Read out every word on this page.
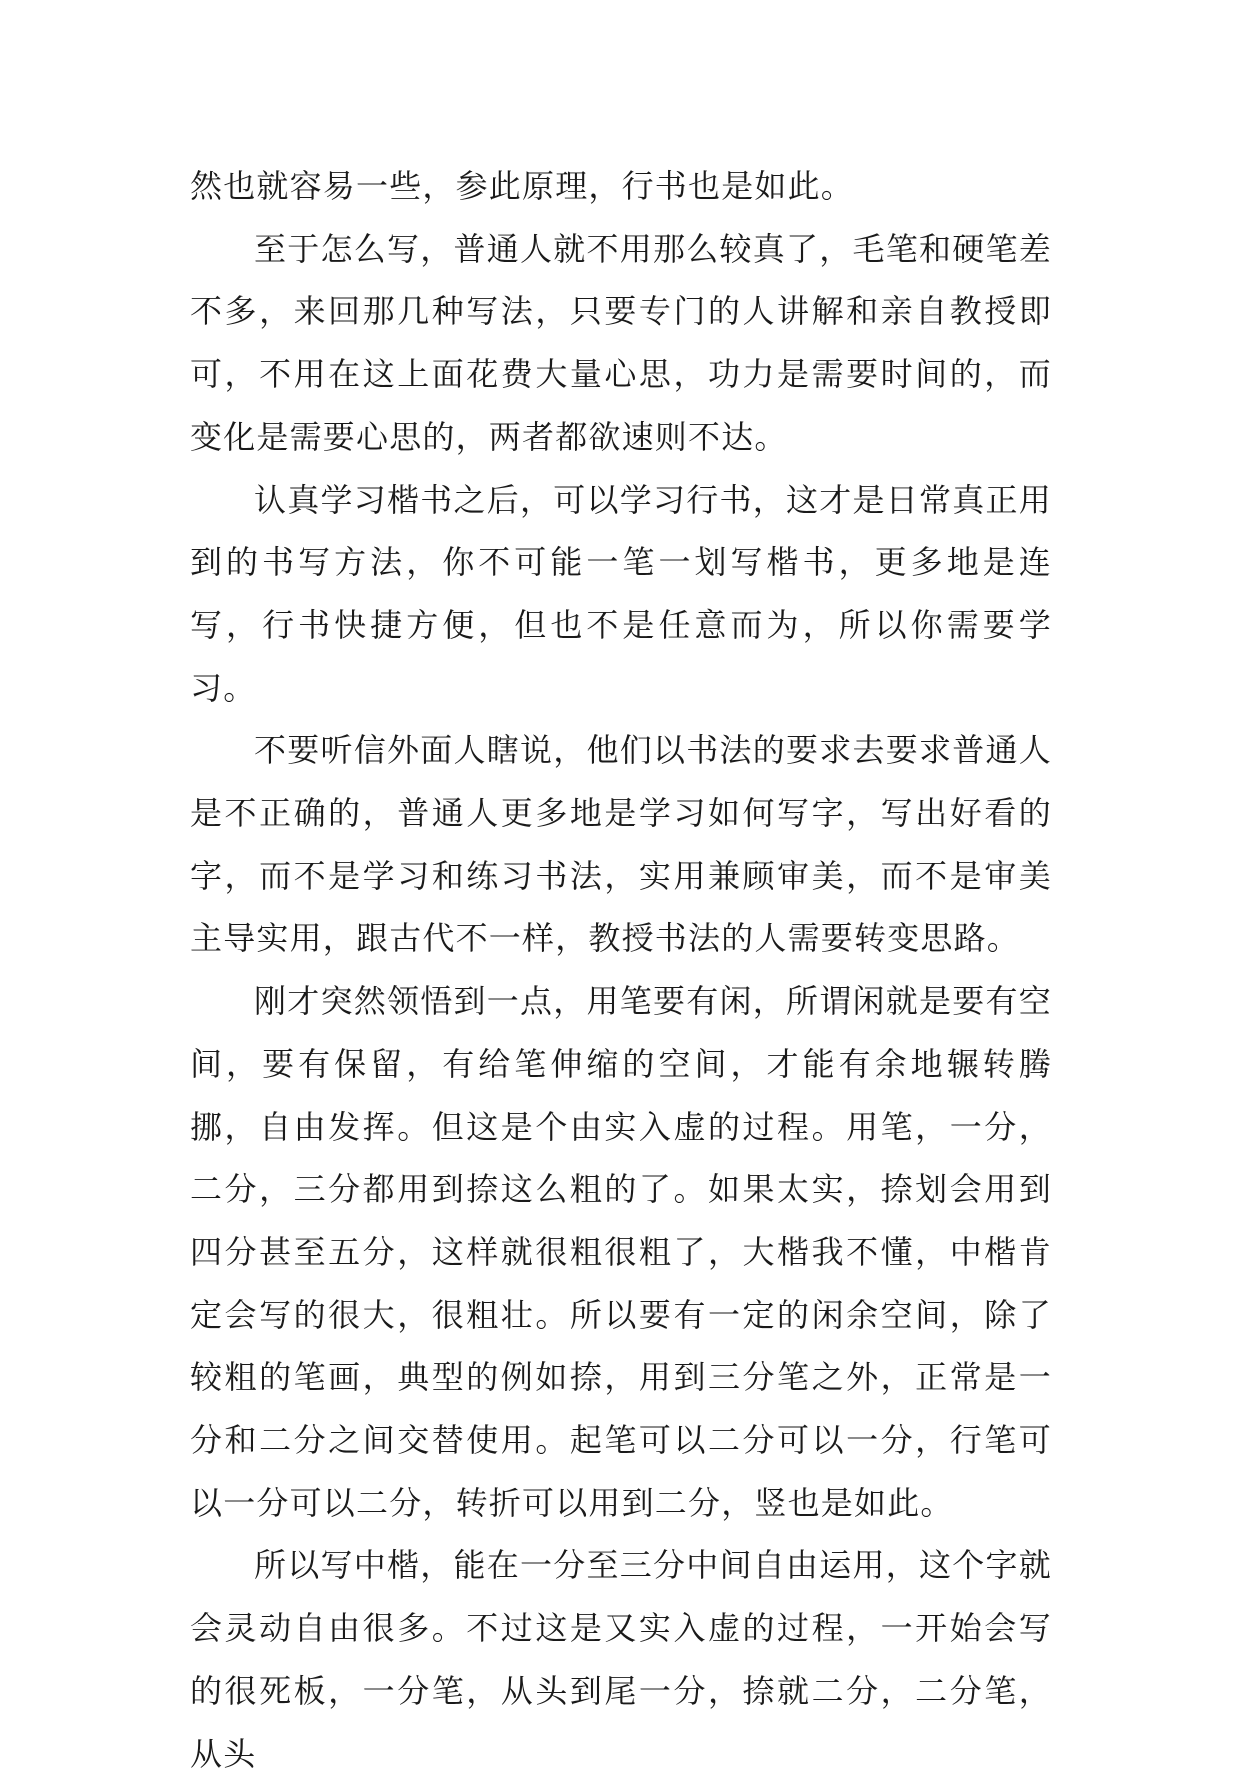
然也就容易一些，参此原理，行书也是如此。

至于怎么写，普通人就不用那么较真了，毛笔和硬笔差不多，来回那几种写法，只要专门的人讲解和亲自教授即可，不用在这上面花费大量心思，功力是需要时间的，而变化是需要心思的，两者都欲速则不达。

认真学习楷书之后，可以学习行书，这才是日常真正用到的书写方法，你不可能一笔一划写楷书，更多地是连写，行书快捷方便，但也不是任意而为，所以你需要学习。

不要听信外面人瞎说，他们以书法的要求去要求普通人是不正确的，普通人更多地是学习如何写字，写出好看的字，而不是学习和练习书法，实用兼顾审美，而不是审美主导实用，跟古代不一样，教授书法的人需要转变思路。

刚才突然领悟到一点，用笔要有闲，所谓闲就是要有空间，要有保留，有给笔伸缩的空间，才能有余地辗转腾挪，自由发挥。但这是个由实入虚的过程。用笔，一分，二分，三分都用到捺这么粗的了。如果太实，捺划会用到四分甚至五分，这样就很粗很粗了，大楷我不懂，中楷肯定会写的很大，很粗壮。所以要有一定的闲余空间，除了较粗的笔画，典型的例如捺，用到三分笔之外，正常是一分和二分之间交替使用。起笔可以二分可以一分，行笔可以一分可以二分，转折可以用到二分，竖也是如此。

所以写中楷，能在一分至三分中间自由运用，这个字就会灵动自由很多。不过这是又实入虚的过程，一开始会写的很死板，一分笔，从头到尾一分，捺就二分，二分笔，从头
